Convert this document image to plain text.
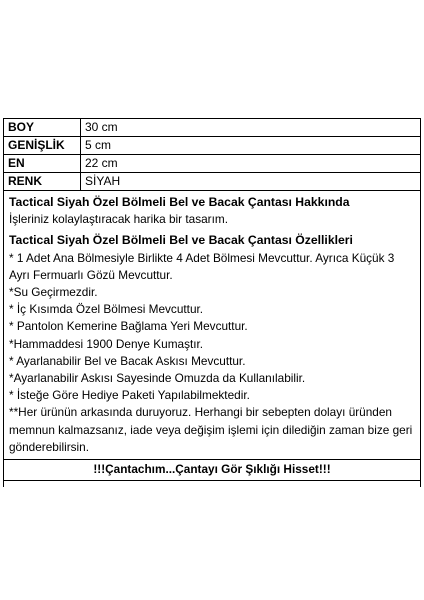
BOY	30 cm
GENİŞLİK	5 cm
EN	22 cm
RENK	SİYAH

Tactical Siyah Özel Bölmeli Bel ve Bacak Çantası Hakkında

İşleriniz kolaylaştıracak harika bir tasarım.

Tactical Siyah Özel Bölmeli Bel ve Bacak Çantası Özellikleri

* 1 Adet Ana Bölmesiyle Birlikte 4 Adet Bölmesi Mevcuttur. Ayrıca Küçük 3 Ayrı Fermuarlı Gözü Mevcuttur.

*Su Geçirmezdir.

* İç Kısımda Özel Bölmesi Mevcuttur.

* Pantolon Kemerine Bağlama Yeri Mevcuttur.

*Hammaddesi 1900 Denye Kumaştır.

* Ayarlanabilir Bel ve Bacak Askısı Mevcuttur.

*Ayarlanabilir Askısı Sayesinde Omuzda da Kullanılabilir.

* İsteğe Göre Hediye Paketi Yapılabilmektedir.

**Her ürünün arkasında duruyoruz. Herhangi bir sebepten dolayı üründen memnun kalmazsanız, iade veya değişim işlemi için dilediğin zaman bize geri gönderebilirsin.

!!!Çantachım...Çantayı Gör Şıklığı Hisset!!!
